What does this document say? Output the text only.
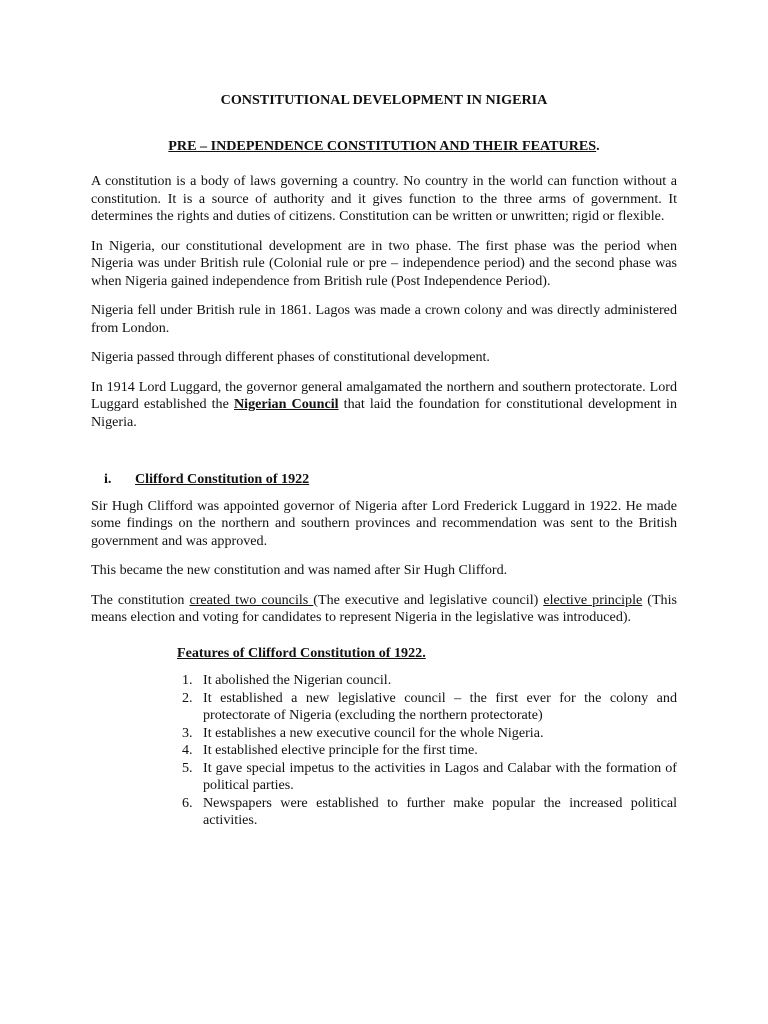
CONSTITUTIONAL DEVELOPMENT IN NIGERIA
PRE – INDEPENDENCE CONSTITUTION AND THEIR FEATURES.

A constitution is a body of laws governing a country. No country in the world can function without a constitution. It is a source of authority and it gives function to the three arms of government. It determines the rights and duties of citizens. Constitution can be written or unwritten; rigid or flexible.

In Nigeria, our constitutional development are in two phase. The first phase was the period when Nigeria was under British rule (Colonial rule or pre – independence period) and the second phase was when Nigeria gained independence from British rule (Post Independence Period).

Nigeria fell under British rule in 1861. Lagos was made a crown colony and was directly administered from London.

Nigeria passed through different phases of constitutional development.

In 1914 Lord Luggard, the governor general amalgamated the northern and southern protectorate. Lord Luggard established the Nigerian Council that laid the foundation for constitutional development in Nigeria.

i.	Clifford Constitution of 1922

Sir Hugh Clifford was appointed governor of Nigeria after Lord Frederick Luggard in 1922. He made some findings on the northern and southern provinces and recommendation was sent to the British government and was approved.

This became the new constitution and was named after Sir Hugh Clifford.

The constitution created two councils (The executive and legislative council) elective principle (This means election and voting for candidates to represent Nigeria in the legislative was introduced).

Features of Clifford Constitution of 1922.
1. It abolished the Nigerian council.
2. It established a new legislative council – the first ever for the colony and protectorate of Nigeria (excluding the northern protectorate)
3. It establishes a new executive council for the whole Nigeria.
4. It established elective principle for the first time.
5. It gave special impetus to the activities in Lagos and Calabar with the formation of political parties.
6. Newspapers were established to further make popular the increased political activities.
